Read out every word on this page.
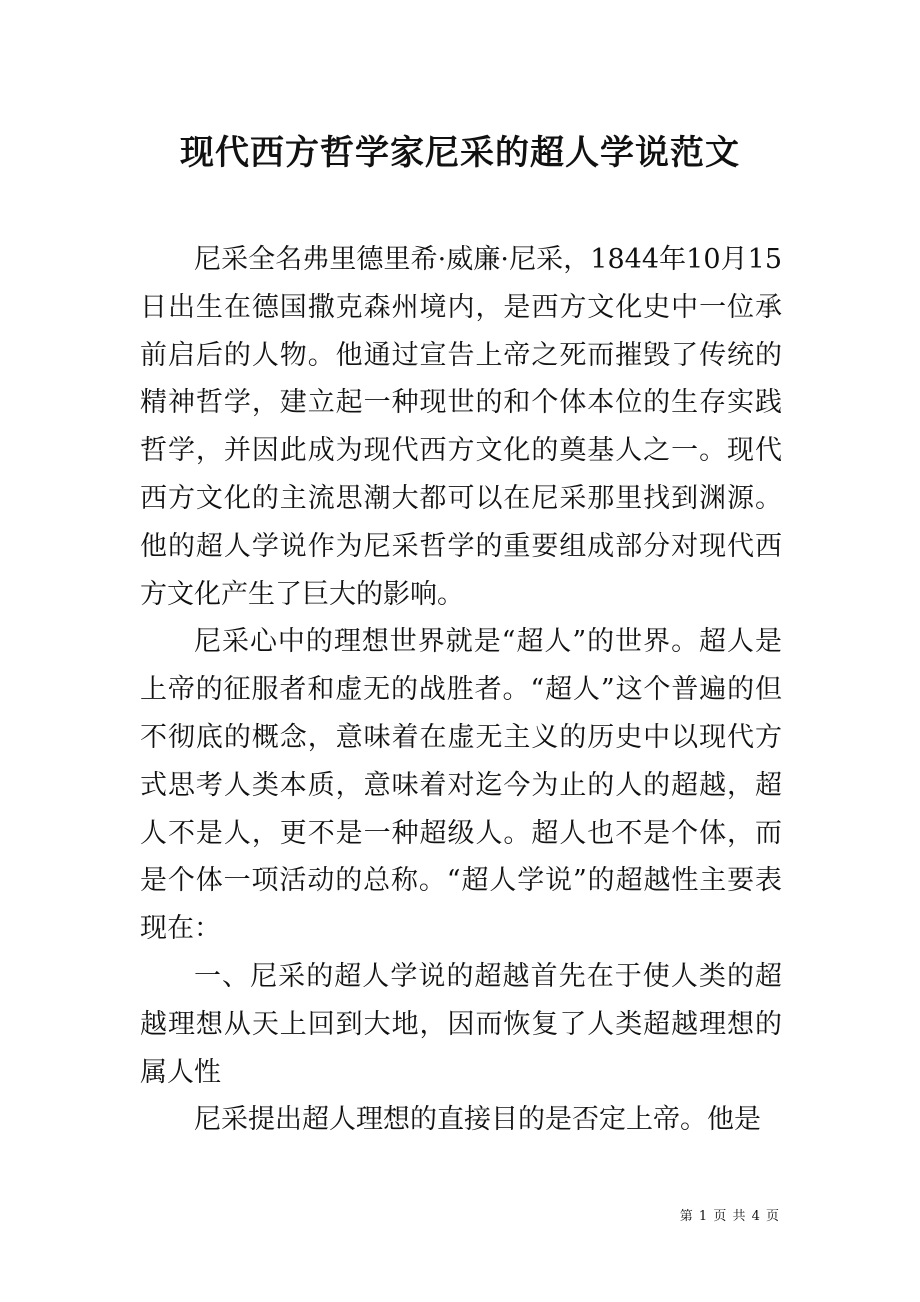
现代西方哲学家尼采的超人学说范文

尼采全名弗里德里希·威廉·尼采，1844年10月15日出生在德国撒克森州境内，是西方文化史中一位承前启后的人物。他通过宣告上帝之死而摧毁了传统的精神哲学，建立起一种现世的和个体本位的生存实践哲学，并因此成为现代西方文化的奠基人之一。现代西方文化的主流思潮大都可以在尼采那里找到渊源。他的超人学说作为尼采哲学的重要组成部分对现代西方文化产生了巨大的影响。

尼采心中的理想世界就是“超人”的世界。超人是上帝的征服者和虚无的战胜者。“超人”这个普遍的但不彻底的概念，意味着在虚无主义的历史中以现代方式思考人类本质，意味着对迄今为止的人的超越，超人不是人，更不是一种超级人。超人也不是个体，而是个体一项活动的总称。“超人学说”的超越性主要表现在：

一、尼采的超人学说的超越首先在于使人类的超越理想从天上回到大地，因而恢复了人类超越理想的属人性

尼采提出超人理想的直接目的是否定上帝。他是

第 1 页 共 4 页
